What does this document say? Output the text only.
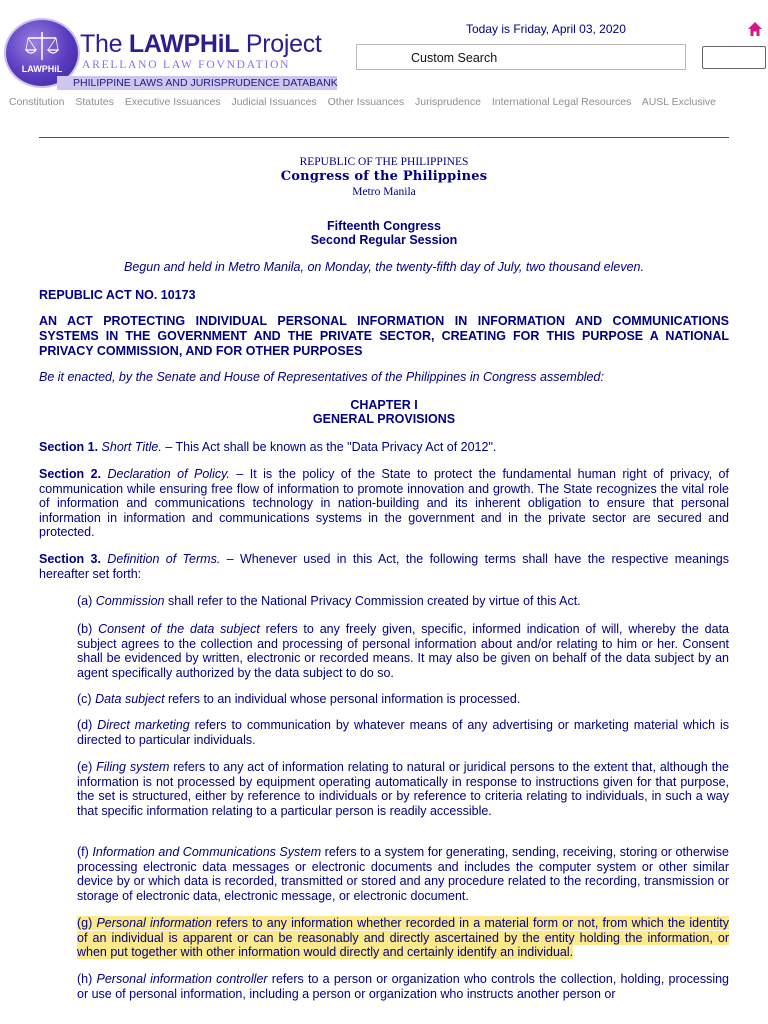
LAWPHiL
The LAWPHiL Project
ARELLANO LAW FOVNDATION
PHILIPPINE LAWS AND JURISPRUDENCE DATABANK
Today is Friday, April 03, 2020
Custom Search
Constitution Statutes Executive Issuances Judicial Issuances Other Issuances Jurisprudence International Legal Resources AUSL Exclusive
REPUBLIC OF THE PHILIPPINES
Congress of the Philippines
Metro Manila
Fifteenth Congress
Second Regular Session
Begun and held in Metro Manila, on Monday, the twenty-fifth day of July, two thousand eleven.
REPUBLIC ACT NO. 10173
AN ACT PROTECTING INDIVIDUAL PERSONAL INFORMATION IN INFORMATION AND COMMUNICATIONS SYSTEMS IN THE GOVERNMENT AND THE PRIVATE SECTOR, CREATING FOR THIS PURPOSE A NATIONAL PRIVACY COMMISSION, AND FOR OTHER PURPOSES
Be it enacted, by the Senate and House of Representatives of the Philippines in Congress assembled:
CHAPTER I
GENERAL PROVISIONS
Section 1. Short Title. – This Act shall be known as the "Data Privacy Act of 2012".
Section 2. Declaration of Policy. – It is the policy of the State to protect the fundamental human right of privacy, of communication while ensuring free flow of information to promote innovation and growth. The State recognizes the vital role of information and communications technology in nation-building and its inherent obligation to ensure that personal information in information and communications systems in the government and in the private sector are secured and protected.
Section 3. Definition of Terms. – Whenever used in this Act, the following terms shall have the respective meanings hereafter set forth:
(a) Commission shall refer to the National Privacy Commission created by virtue of this Act.
(b) Consent of the data subject refers to any freely given, specific, informed indication of will, whereby the data subject agrees to the collection and processing of personal information about and/or relating to him or her. Consent shall be evidenced by written, electronic or recorded means. It may also be given on behalf of the data subject by an agent specifically authorized by the data subject to do so.
(c) Data subject refers to an individual whose personal information is processed.
(d) Direct marketing refers to communication by whatever means of any advertising or marketing material which is directed to particular individuals.
(e) Filing system refers to any act of information relating to natural or juridical persons to the extent that, although the information is not processed by equipment operating automatically in response to instructions given for that purpose, the set is structured, either by reference to individuals or by reference to criteria relating to individuals, in such a way that specific information relating to a particular person is readily accessible.
(f) Information and Communications System refers to a system for generating, sending, receiving, storing or otherwise processing electronic data messages or electronic documents and includes the computer system or other similar device by or which data is recorded, transmitted or stored and any procedure related to the recording, transmission or storage of electronic data, electronic message, or electronic document.
(g) Personal information refers to any information whether recorded in a material form or not, from which the identity of an individual is apparent or can be reasonably and directly ascertained by the entity holding the information, or when put together with other information would directly and certainly identify an individual.
(h) Personal information controller refers to a person or organization who controls the collection, holding, processing or use of personal information, including a person or organization who instructs another person or
